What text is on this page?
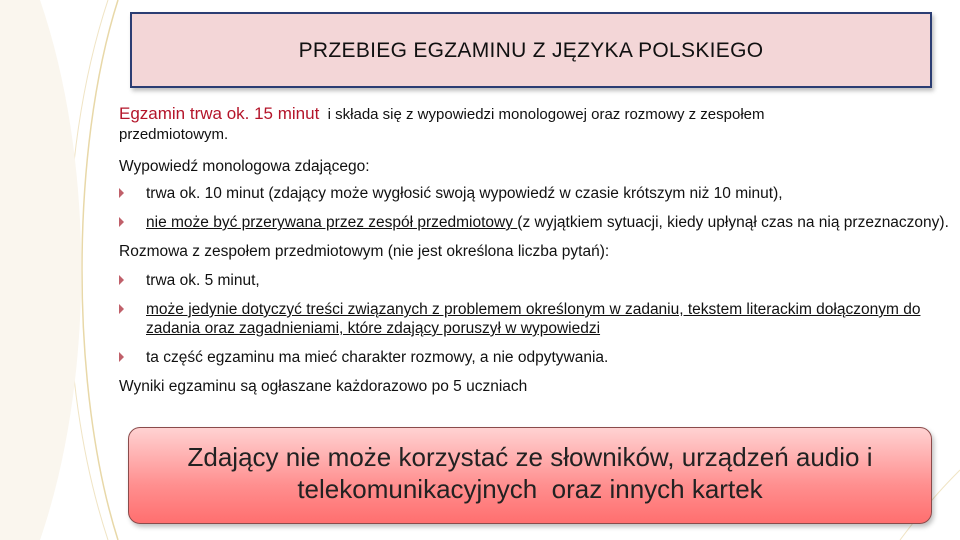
PRZEBIEG EGZAMINU Z JĘZYKA POLSKIEGO

Egzamin trwa ok. 15 minut  i składa się z wypowiedzi monologowej oraz rozmowy z zespołem
przedmiotowym.

Wypowiedź monologowa zdającego:

trwa ok. 10 minut (zdający może wygłosić swoją wypowiedź w czasie krótszym niż 10 minut),
nie może być przerywana przez zespół przedmiotowy (z wyjątkiem sytuacji, kiedy upłynął czas na nią przeznaczony).

Rozmowa z zespołem przedmiotowym (nie jest określona liczba pytań):

trwa ok. 5 minut,
może jedynie dotyczyć treści związanych z problemem określonym w zadaniu, tekstem literackim dołączonym do zadania oraz zagadnieniami, które zdający poruszył w wypowiedzi
ta część egzaminu ma mieć charakter rozmowy, a nie odpytywania.

Wyniki egzaminu są ogłaszane każdorazowo po 5 uczniach

Zdający nie może korzystać ze słowników, urządzeń audio i
telekomunikacyjnych  oraz innych kartek
